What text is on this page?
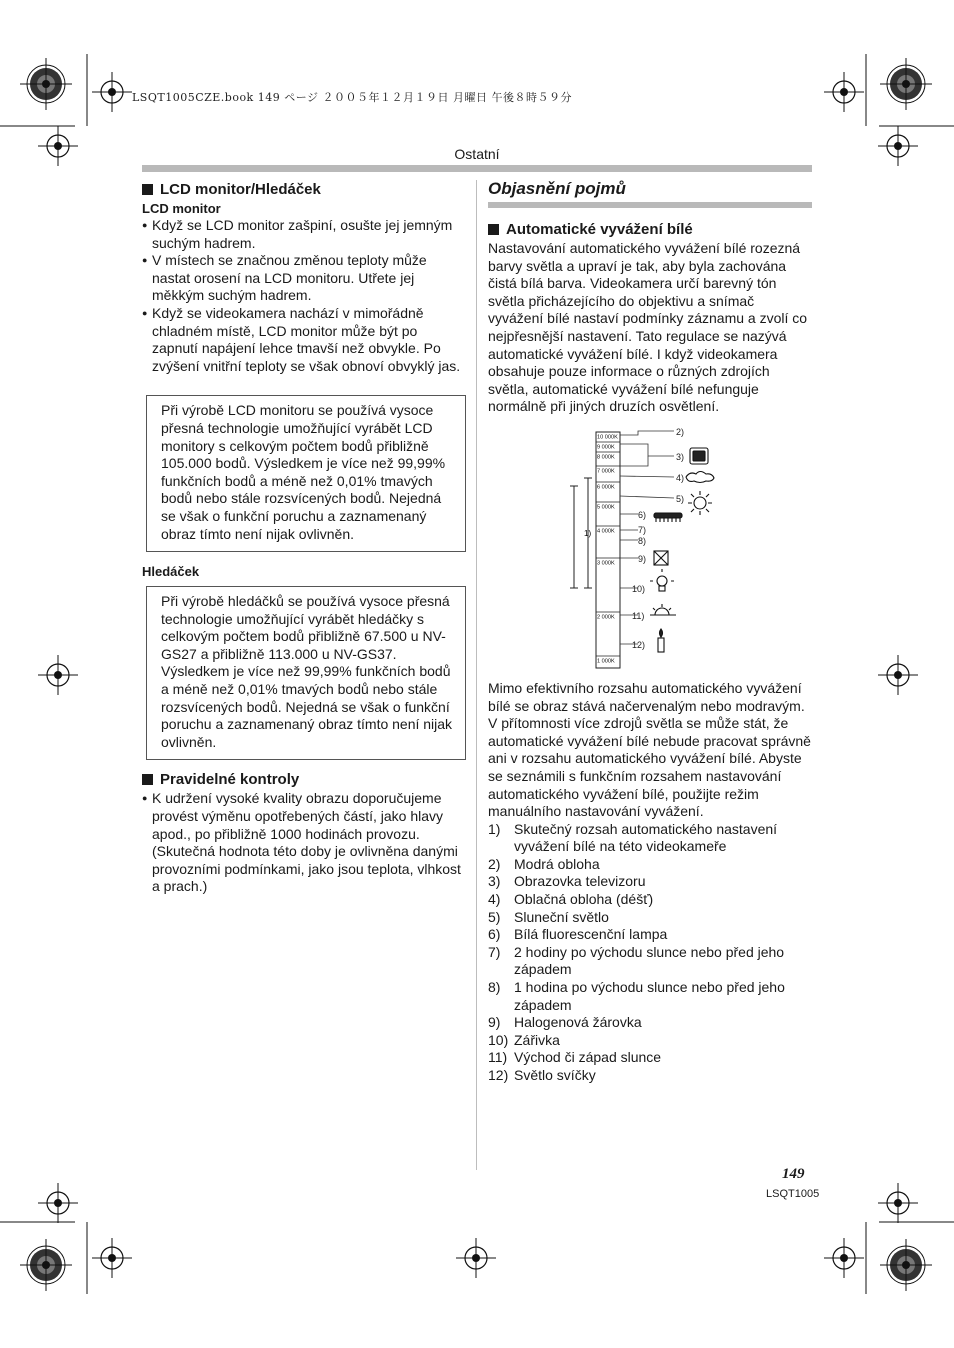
LSQT1005CZE.book 149 ページ ２００５年１２月１９日 月曜日 午後８時５９分
Ostatní
LCD monitor/Hledáček
LCD monitor
● Když se LCD monitor zašpiní, osušte jej jemným suchým hadrem.
● V místech se značnou změnou teploty může nastat orosení na LCD monitoru. Utřete jej měkkým suchým hadrem.
● Když se videokamera nachází v mimořádně chladném místě, LCD monitor může být po zapnutí napájení lehce tmavší než obvykle. Po zvýšení vnitřní teploty se však obnoví obvyklý jas.

Při výrobě LCD monitoru se používá vysoce přesná technologie umožňující vyrábět LCD monitory s celkovým počtem bodů přibližně 105.000 bodů. Výsledkem je více než 99,99% funkčních bodů a méně než 0,01% tmavých bodů nebo stále rozsvícených bodů. Nejedná se však o funkční poruchu a zaznamenaný obraz tímto není nijak ovlivněn.

Hledáček

Při výrobě hledáčků se používá vysoce přesná technologie umožňující vyrábět hledáčky s celkovým počtem bodů přibližně 67.500 u NV-GS27 a přibližně 113.000 u NV-GS37. Výsledkem je více než 99,99% funkčních bodů a méně než 0,01% tmavých bodů nebo stále rozsvícených bodů. Nejedná se však o funkční poruchu a zaznamenaný obraz tímto není nijak ovlivněn.

Pravidelné kontroly
● K udržení vysoké kvality obrazu doporučujeme provést výměnu opotřebených částí, jako hlavy apod., po přibližně 1000 hodinách provozu. (Skutečná hodnota této doby je ovlivněna danými provozními podmínkami, jako jsou teplota, vlhkost a prach.)
Objasnění pojmů
Automatické vyvážení bílé

Nastavování automatického vyvážení bílé rozezná barvy světla a upraví je tak, aby byla zachována čistá bílá barva. Videokamera určí barevný tón světla přicházejícího do objektivu a snímač vyvážení bílé nastaví podmínky záznamu a zvolí co nejpřesnější nastavení. Tato regulace se nazývá automatické vyvážení bílé. I když videokamera obsahuje pouze informace o různých zdrojích světla, automatické vyvážení bílé nefunguje normálně při jiných druzích osvětlení.

10 000K
9 000K
8 000K
7 000K
6 000K
5 000K
4 000K
3 000K
2 000K
1 000K
1)
2)
3)
4)
5)
6)
7)
8)
9)
10)
11)
12)

Mimo efektivního rozsahu automatického vyvážení bílé se obraz stává načervenalým nebo modravým. V přítomnosti více zdrojů světla se může stát, že automatické vyvážení bílé nebude pracovat správně ani v rozsahu automatického vyvážení bílé. Abyste se seznámili s funkčním rozsahem nastavování automatického vyvážení bílé, použijte režim manuálního nastavování vyvážení.

1) Skutečný rozsah automatického nastavení vyvážení bílé na této videokameře
2) Modrá obloha
3) Obrazovka televizoru
4) Oblačná obloha (déšť)
5) Sluneční světlo
6) Bílá fluorescenční lampa
7) 2 hodiny po východu slunce nebo před jeho západem
8) 1 hodina po východu slunce nebo před jeho západem
9) Halogenová žárovka
10) Zářivka
11) Východ či západ slunce
12) Světlo svíčky
149
LSQT1005
